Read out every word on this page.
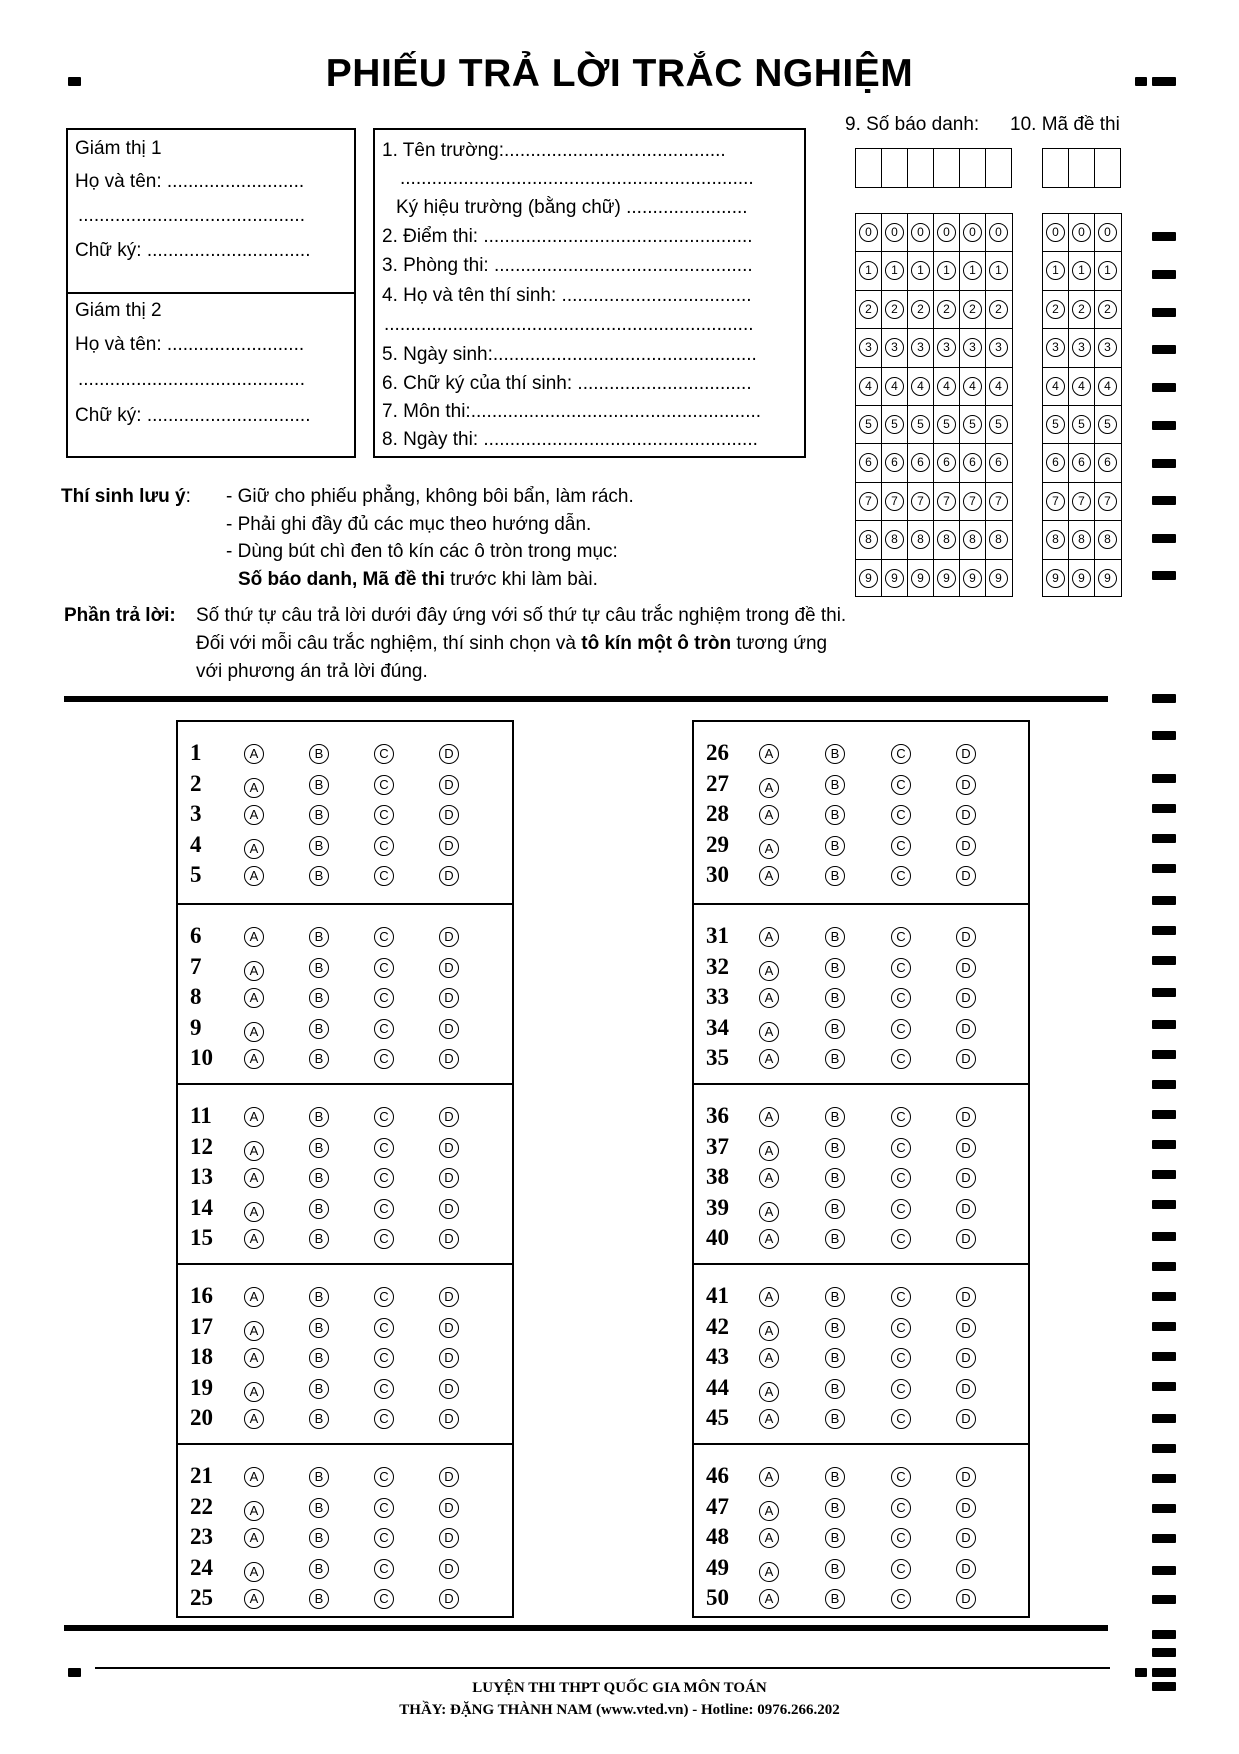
PHIẾU TRẢ LỜI TRẮC NGHIỆM
Giám thị 1
Họ và tên: ..........................
...........................................
Chữ ký: ...............................
Giám thị 2
Họ và tên: ..........................
...........................................
Chữ ký: ...............................
1. Tên trường:..........................................
...................................................................
Ký hiệu trường (bằng chữ) .......................
2. Điểm thi: ...................................................
3. Phòng thi: .................................................
4. Họ và tên thí sinh: ....................................
......................................................................
5. Ngày sinh:..................................................
6. Chữ ký của thí sinh: .................................
7. Môn thi:.......................................................
8. Ngày thi: ....................................................
9. Số báo danh: 10. Mã đề thi
0	0	0	0	0	0
1	1	1	1	1	1
2	2	2	2	2	2
3	3	3	3	3	3
4	4	4	4	4	4
5	5	5	5	5	5
6	6	6	6	6	6
7	7	7	7	7	7
8	8	8	8	8	8
9	9	9	9	9	9
0	0	0
1	1	1
2	2	2
3	3	3
4	4	4
5	5	5
6	6	6
7	7	7
8	8	8
9	9	9
Thí sinh lưu ý: - Giữ cho phiếu phẳng, không bôi bẩn, làm rách.
- Phải ghi đầy đủ các mục theo hướng dẫn.
- Dùng bút chì đen tô kín các ô tròn trong mục:
Số báo danh, Mã đề thi trước khi làm bài.
Phần trả lời: Số thứ tự câu trả lời dưới đây ứng với số thứ tự câu trắc nghiệm trong đề thi.
Đối với mỗi câu trắc nghiệm, thí sinh chọn và tô kín một ô tròn tương ứng
với phương án trả lời đúng.
1	A	B	C	D
2	A	B	C	D
3	A	B	C	D
4	A	B	C	D
5	A	B	C	D
6	A	B	C	D
7	A	B	C	D
8	A	B	C	D
9	A	B	C	D
10	A	B	C	D
11	A	B	C	D
12	A	B	C	D
13	A	B	C	D
14	A	B	C	D
15	A	B	C	D
16	A	B	C	D
17	A	B	C	D
18	A	B	C	D
19	A	B	C	D
20	A	B	C	D
21	A	B	C	D
22	A	B	C	D
23	A	B	C	D
24	A	B	C	D
25	A	B	C	D
26	A	B	C	D
27	A	B	C	D
28	A	B	C	D
29	A	B	C	D
30	A	B	C	D
31	A	B	C	D
32	A	B	C	D
33	A	B	C	D
34	A	B	C	D
35	A	B	C	D
36	A	B	C	D
37	A	B	C	D
38	A	B	C	D
39	A	B	C	D
40	A	B	C	D
41	A	B	C	D
42	A	B	C	D
43	A	B	C	D
44	A	B	C	D
45	A	B	C	D
46	A	B	C	D
47	A	B	C	D
48	A	B	C	D
49	A	B	C	D
50	A	B	C	D
LUYỆN THI THPT QUỐC GIA MÔN TOÁN
THẦY: ĐẶNG THÀNH NAM (www.vted.vn) - Hotline: 0976.266.202
